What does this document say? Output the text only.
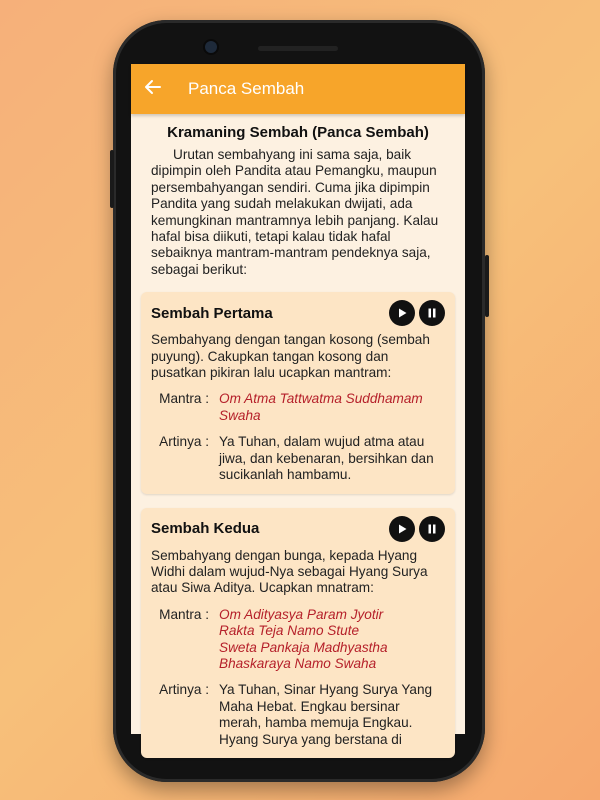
Panca Sembah
Kramaning Sembah (Panca Sembah)
Urutan sembahyang ini sama saja, baik dipimpin oleh Pandita atau Pemangku, maupun persembahyangan sendiri. Cuma jika dipimpin Pandita yang sudah melakukan dwijati, ada kemungkinan mantramnya lebih panjang. Kalau hafal bisa diikuti, tetapi kalau tidak hafal sebaiknya mantram-mantram pendeknya saja, sebagai berikut:
Sembah Pertama
Sembahyang dengan tangan kosong (sembah puyung). Cakupkan tangan kosong dan pusatkan pikiran lalu ucapkan mantram:
Mantra : Om Atma Tattwatma Suddhamam
Swaha
Artinya : Ya Tuhan, dalam wujud atma atau jiwa, dan kebenaran, bersihkan dan sucikanlah hambamu.
Sembah Kedua
Sembahyang dengan bunga, kepada Hyang Widhi dalam wujud-Nya sebagai Hyang Surya atau Siwa Aditya. Ucapkan mnatram:
Mantra : Om Adityasya Param Jyotir
Rakta Teja Namo Stute
Sweta Pankaja Madhyastha
Bhaskaraya Namo Swaha
Artinya : Ya Tuhan, Sinar Hyang Surya Yang Maha Hebat. Engkau bersinar merah, hamba memuja Engkau. Hyang Surya yang berstana di
